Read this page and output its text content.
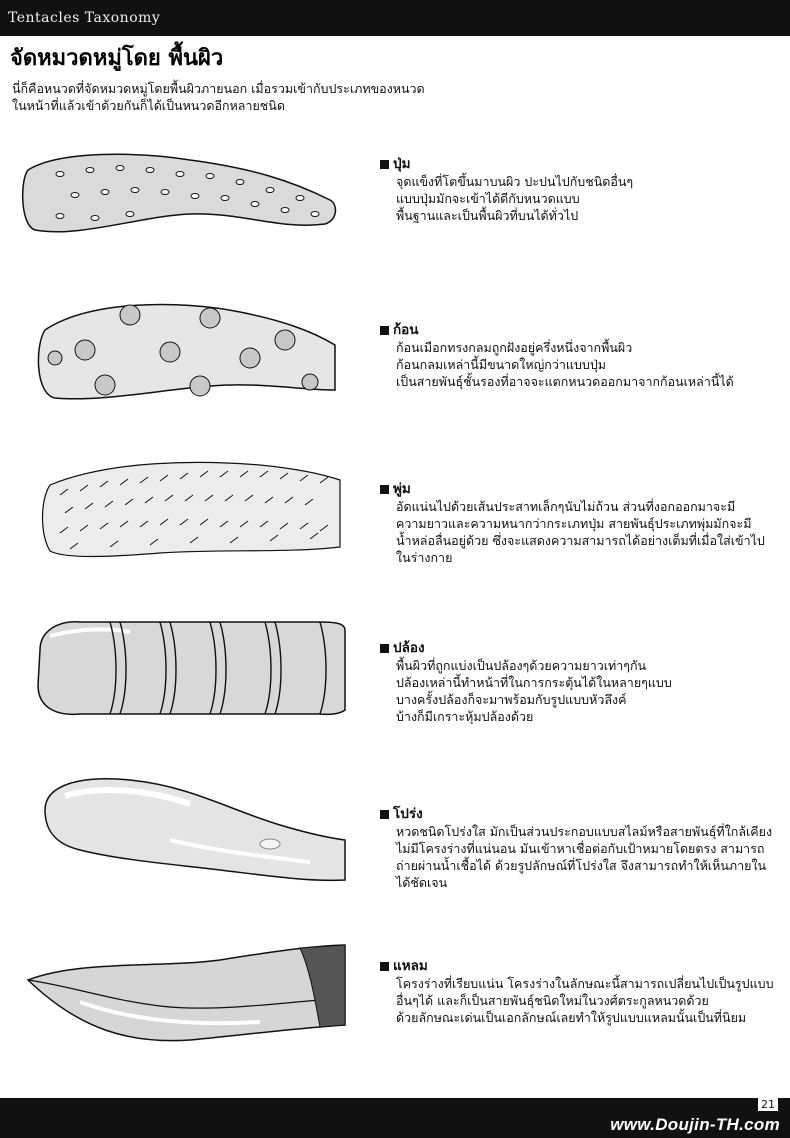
Tentacles Taxonomy
จัดหมวดหมู่โดย พื้นผิว
นี่ก็คือหนวดที่จัดหมวดหมู่โดยพื้นผิวภายนอก เมื่อรวมเข้ากับประเภทของหนวด
ในหน้าที่แล้วเข้าด้วยกันก็ได้เป็นหนวดอีกหลายชนิด
ปุ่ม
จุดแข็งที่โตขึ้นมาบนผิว ปะปนไปกับชนิดอื่นๆ
แบบปุ่มมักจะเข้าได้ดีกับหนวดแบบ
พื้นฐานและเป็นพื้นผิวที่บนได้ทั่วไป
ก้อน
ก้อนเมือกทรงกลมถูกฝังอยู่ครึ่งหนึ่งจากพื้นผิว
ก้อนกลมเหล่านี้มีขนาดใหญ่กว่าแบบปุ่ม
เป็นสายพันธุ์ชั้นรองที่อาจจะแตกหนวดออกมาจากก้อนเหล่านี้ได้
พู่ม
อัดแน่นไปด้วยเส้นประสาทเล็กๆนับไม่ถ้วน ส่วนที่งอกออกมาจะมี
ความยาวและความหนากว่ากระเภทปุ่ม สายพันธุ์ประเภทพุ่มมักจะมี
น้ำหล่อลื่นอยู่ด้วย ซึ่งจะแสดงความสามารถได้อย่างเต็มที่เมื่อใส่เข้าไป
ในร่างกาย
ปล้อง
พื้นผิวที่ถูกแบ่งเป็นปล้องๆด้วยความยาวเท่าๆกัน
ปล้องเหล่านี้ทำหน้าที่ในการกระตุ้นได้ในหลายๆแบบ
บางครั้งปล้องก็จะมาพร้อมกับรูปแบบหัวลึงค์
บ้างก็มีเกราะหุ้มปล้องด้วย
โปร่ง
หวดชนิดโปร่งใส มักเป็นส่วนประกอบแบบสไลม์หรือสายพันธุ์ที่ใกล้เคียง
ไม่มีโครงร่างที่แน่นอน มันเข้าหาเชื่อต่อกับเป้าหมายโดยตรง สามารถ
ถ่ายผ่านน้ำเชื้อได้ ด้วยรูปลักษณ์ที่โปร่งใส จึงสามารถทำให้เห็นภายใน
ได้ชัดเจน
แหลม
โครงร่างที่เรียบแน่น โครงร่างในลักษณะนี้สามารถเปลี่ยนไปเป็นรูปแบบ
อื่นๆได้ และก็เป็นสายพันธุ์ชนิดใหม่ในวงศ์ตระกูลหนวดด้วย
ด้วยลักษณะเด่นเป็นเอกลักษณ์เลยทำให้รูปแบบแหลมนั้นเป็นที่นิยม
21
www.Doujin-TH.com
